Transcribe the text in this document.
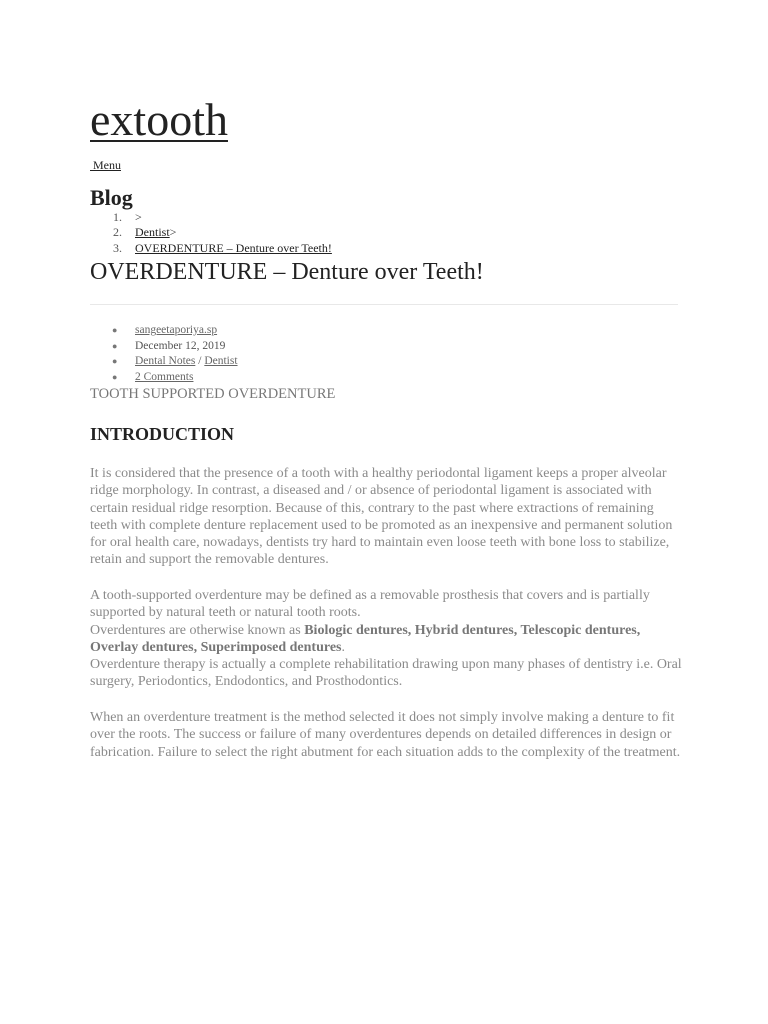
extooth
Menu
Blog
1. >
2. Dentist>
3. OVERDENTURE – Denture over Teeth!
OVERDENTURE – Denture over Teeth!
● sangeetaporiya.sp
● December 12, 2019
● Dental Notes / Dentist
● 2 Comments

TOOTH SUPPORTED OVERDENTURE

INTRODUCTION

It is considered that the presence of a tooth with a healthy periodontal ligament keeps a proper alveolar ridge morphology. In contrast, a diseased and / or absence of periodontal ligament is associated with certain residual ridge resorption. Because of this, contrary to the past where extractions of remaining teeth with complete denture replacement used to be promoted as an inexpensive and permanent solution for oral health care, nowadays, dentists try hard to maintain even loose teeth with bone loss to stabilize, retain and support the removable dentures.

A tooth-supported overdenture may be defined as a removable prosthesis that covers and is partially supported by natural teeth or natural tooth roots.
Overdentures are otherwise known as Biologic dentures, Hybrid dentures, Telescopic dentures, Overlay dentures, Superimposed dentures.
Overdenture therapy is actually a complete rehabilitation drawing upon many phases of dentistry i.e. Oral surgery, Periodontics, Endodontics, and Prosthodontics.

When an overdenture treatment is the method selected it does not simply involve making a denture to fit over the roots. The success or failure of many overdentures depends on detailed differences in design or fabrication. Failure to select the right abutment for each situation adds to the complexity of the treatment.
